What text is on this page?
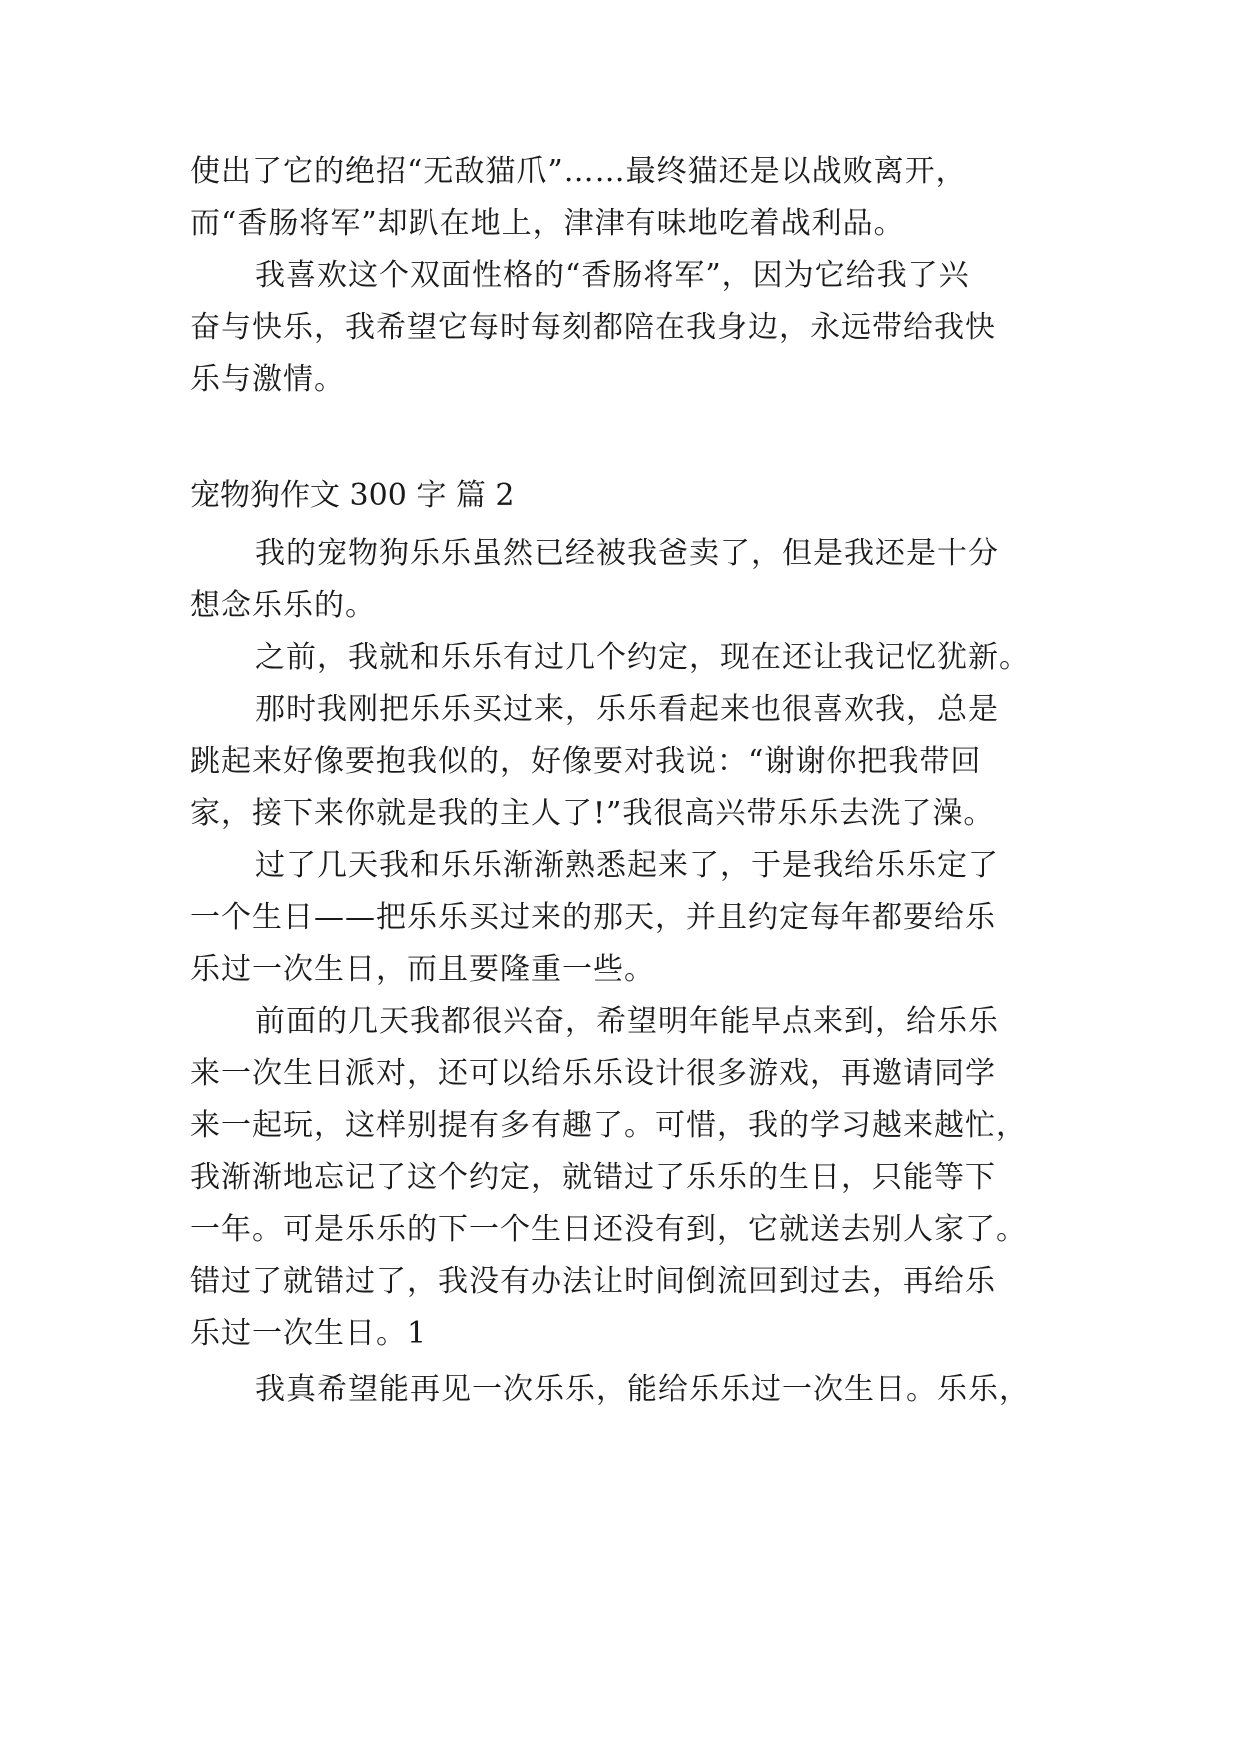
使出了它的绝招“无敌猫爪”……最终猫还是以战败离开，
而“香肠将军”却趴在地上，津津有味地吃着战利品。
我喜欢这个双面性格的“香肠将军”，因为它给我了兴
奋与快乐，我希望它每时每刻都陪在我身边，永远带给我快
乐与激情。
宠物狗作文 300 字 篇 2
我的宠物狗乐乐虽然已经被我爸卖了，但是我还是十分
想念乐乐的。
之前，我就和乐乐有过几个约定，现在还让我记忆犹新。
那时我刚把乐乐买过来，乐乐看起来也很喜欢我，总是
跳起来好像要抱我似的，好像要对我说：“谢谢你把我带回
家，接下来你就是我的主人了!”我很高兴带乐乐去洗了澡。
过了几天我和乐乐渐渐熟悉起来了，于是我给乐乐定了
一个生日——把乐乐买过来的那天，并且约定每年都要给乐
乐过一次生日，而且要隆重一些。
前面的几天我都很兴奋，希望明年能早点来到，给乐乐
来一次生日派对，还可以给乐乐设计很多游戏，再邀请同学
来一起玩，这样别提有多有趣了。可惜，我的学习越来越忙，
我渐渐地忘记了这个约定，就错过了乐乐的生日，只能等下
一年。可是乐乐的下一个生日还没有到，它就送去别人家了。
错过了就错过了，我没有办法让时间倒流回到过去，再给乐
乐过一次生日。1
我真希望能再见一次乐乐，能给乐乐过一次生日。乐乐，
